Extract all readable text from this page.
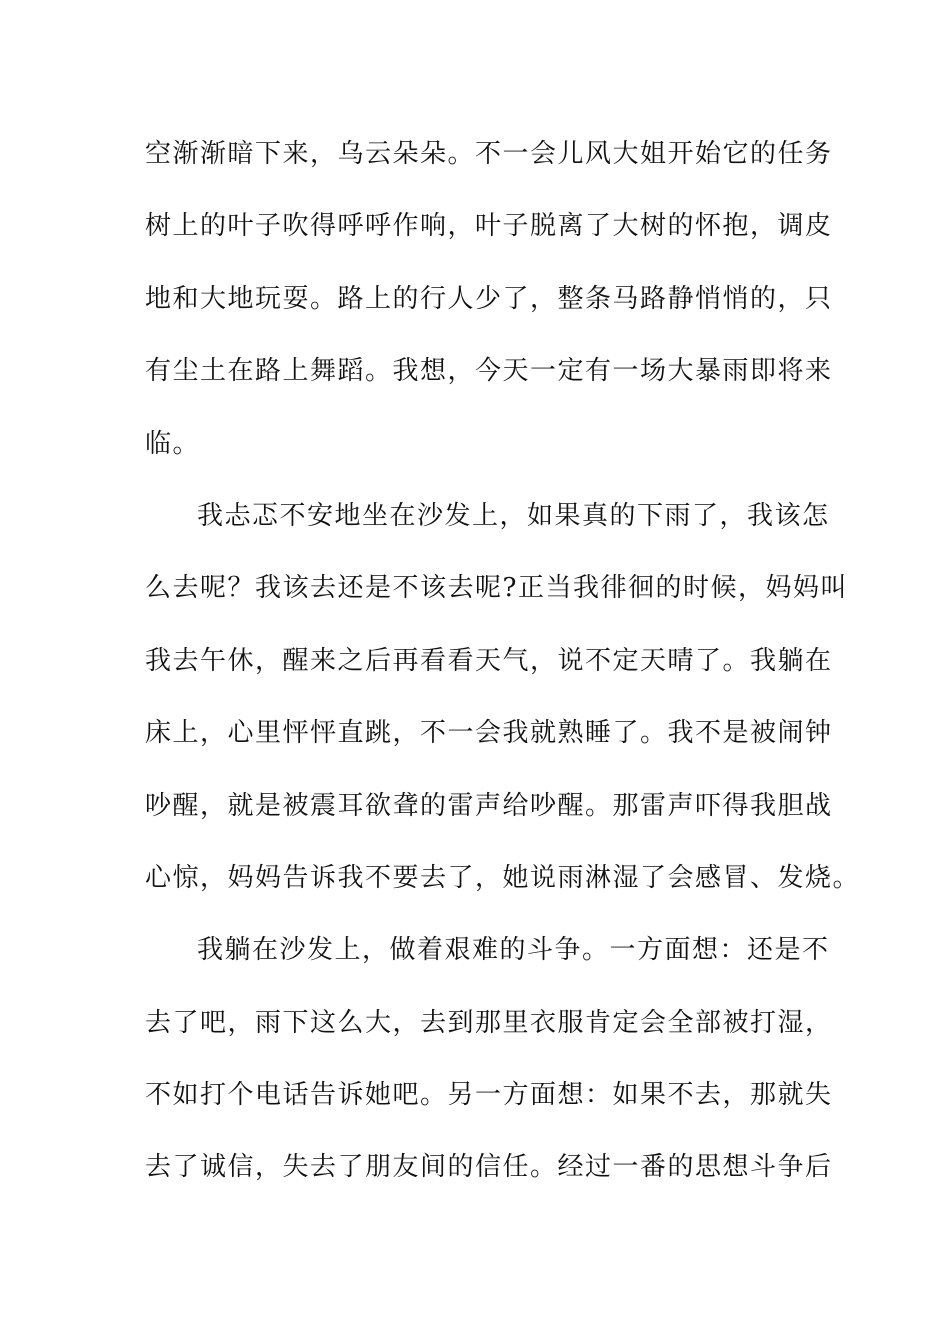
空渐渐暗下来，乌云朵朵。不一会儿风大姐开始它的任务
树上的叶子吹得呼呼作响，叶子脱离了大树的怀抱，调皮
地和大地玩耍。路上的行人少了，整条马路静悄悄的，只
有尘土在路上舞蹈。我想，今天一定有一场大暴雨即将来
临。
我忐忑不安地坐在沙发上，如果真的下雨了，我该怎
么去呢？我该去还是不该去呢?正当我徘徊的时候，妈妈叫
我去午休，醒来之后再看看天气，说不定天晴了。我躺在
床上，心里怦怦直跳，不一会我就熟睡了。我不是被闹钟
吵醒，就是被震耳欲聋的雷声给吵醒。那雷声吓得我胆战
心惊，妈妈告诉我不要去了，她说雨淋湿了会感冒、发烧。
我躺在沙发上，做着艰难的斗争。一方面想：还是不
去了吧，雨下这么大，去到那里衣服肯定会全部被打湿，
不如打个电话告诉她吧。另一方面想：如果不去，那就失
去了诚信，失去了朋友间的信任。经过一番的思想斗争后
